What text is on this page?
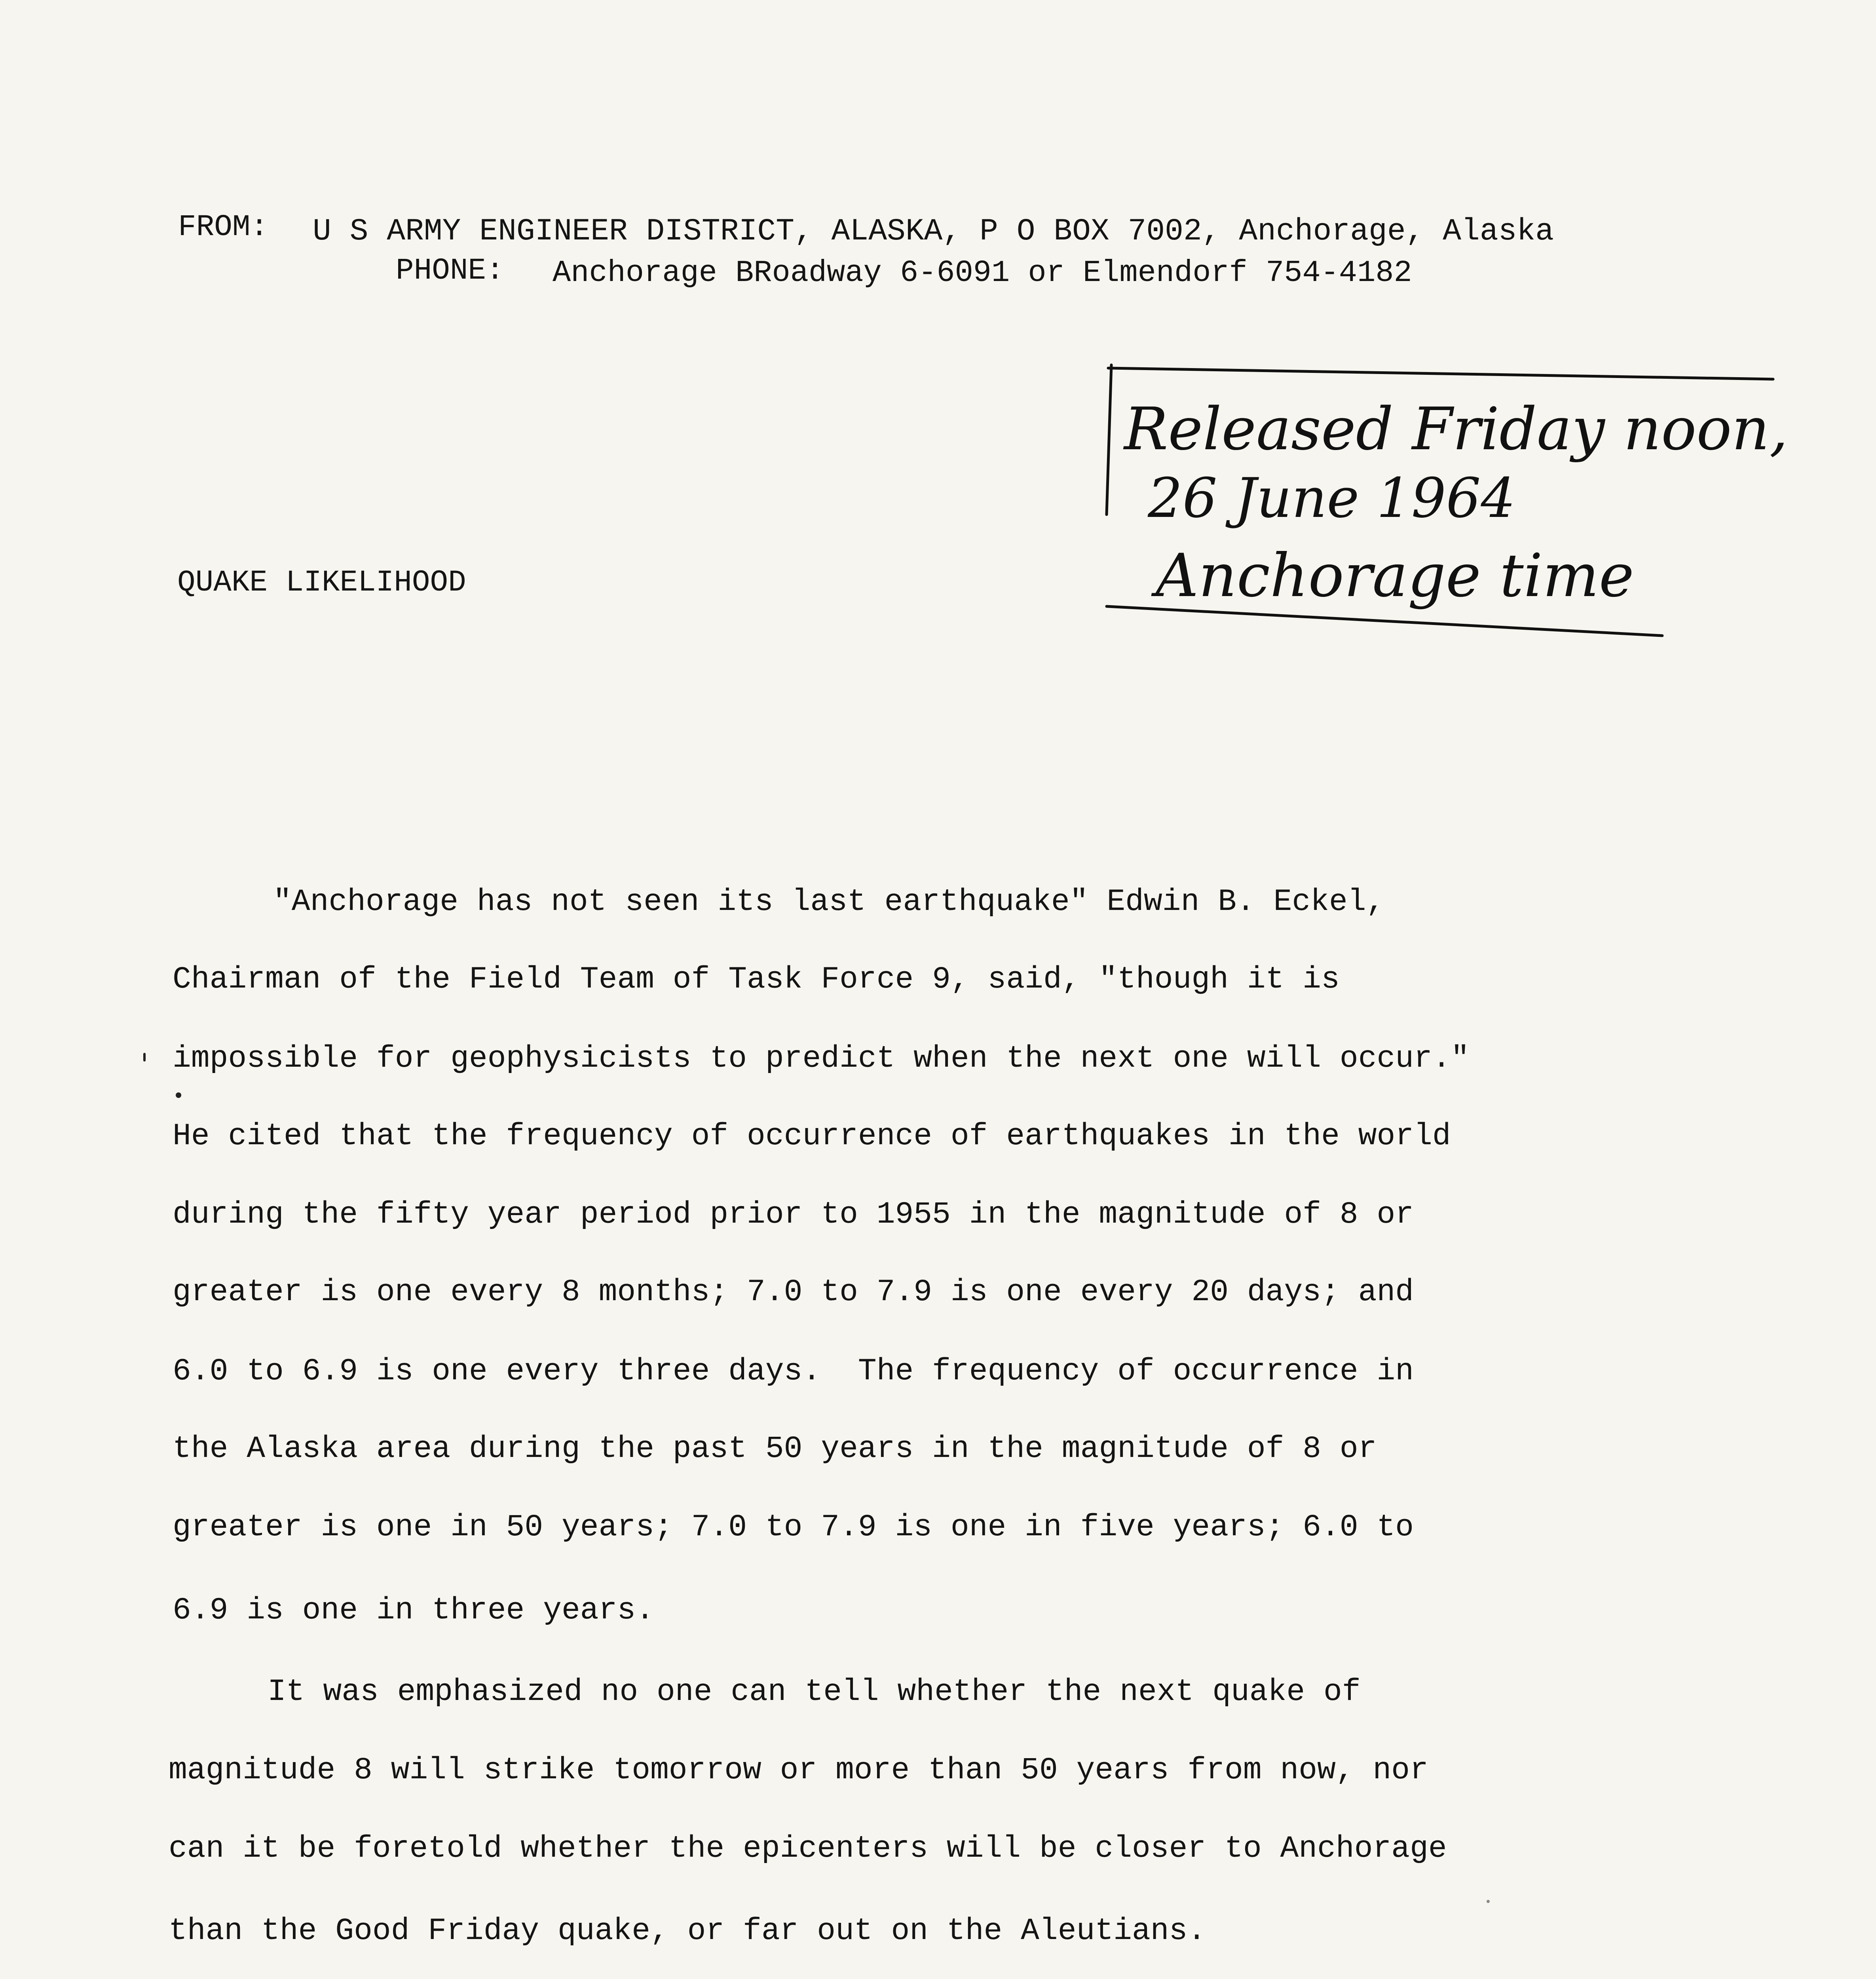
FROM: U S ARMY ENGINEER DISTRICT, ALASKA, P O BOX 7002, Anchorage, Alaska

PHONE: Anchorage BRoadway 6-6091 or Elmendorf 754-4182

Released Friday noon,

26 June 1964

Anchorage time

QUAKE LIKELIHOOD

"Anchorage has not seen its last earthquake" Edwin B. Eckel,

Chairman of the Field Team of Task Force 9, said, "though it is

impossible for geophysicists to predict when the next one will occur."

He cited that the frequency of occurrence of earthquakes in the world

during the fifty year period prior to 1955 in the magnitude of 8 or

greater is one every 8 months; 7.0 to 7.9 is one every 20 days; and

6.0 to 6.9 is one every three days.  The frequency of occurrence in

the Alaska area during the past 50 years in the magnitude of 8 or

greater is one in 50 years; 7.0 to 7.9 is one in five years; 6.0 to

6.9 is one in three years.

It was emphasized no one can tell whether the next quake of

magnitude 8 will strike tomorrow or more than 50 years from now, nor

can it be foretold whether the epicenters will be closer to Anchorage

than the Good Friday quake, or far out on the Aleutians.
